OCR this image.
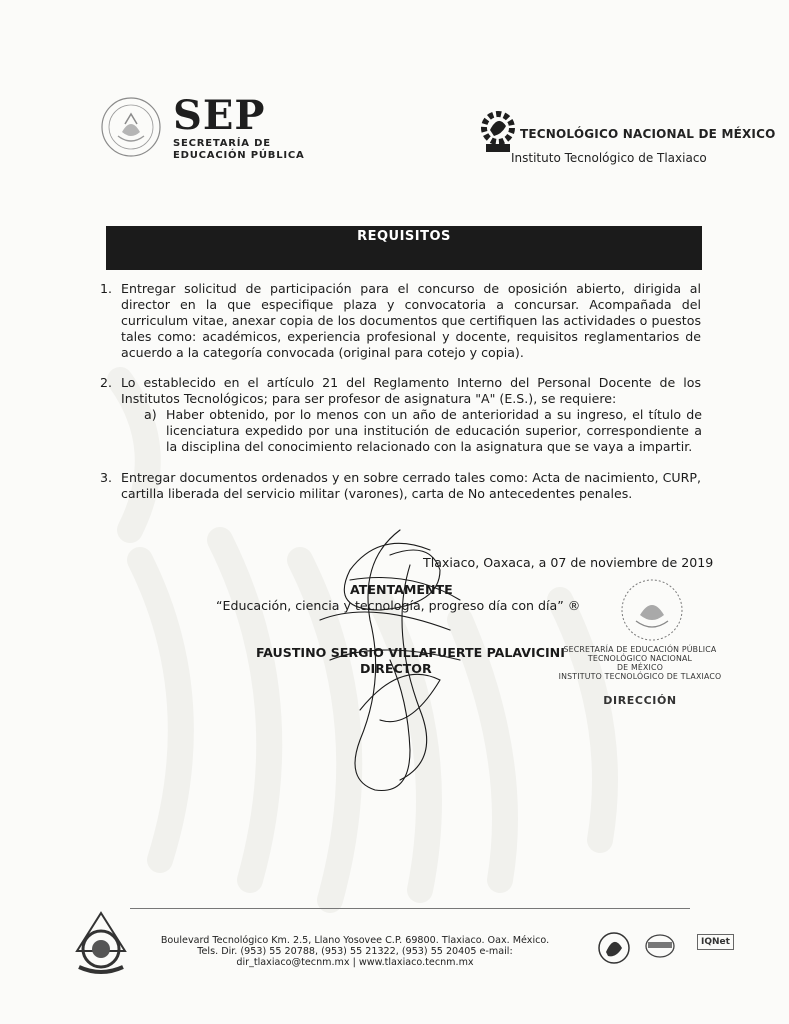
SEP
SECRETARÍA DE
EDUCACIÓN PÚBLICA
TECNOLÓGICO NACIONAL DE MÉXICO
Instituto Tecnológico de Tlaxiaco
REQUISITOS
1. Entregar solicitud de participación para el concurso de oposición abierto, dirigida al director en la que especifique plaza y convocatoria a concursar. Acompañada del curriculum vitae, anexar copia de los documentos que certifiquen las actividades o puestos tales como: académicos, experiencia profesional y docente, requisitos reglamentarios de acuerdo a la categoría convocada (original para cotejo y copia).
2. Lo establecido en el artículo 21 del Reglamento Interno del Personal Docente de los Institutos Tecnológicos; para ser profesor de asignatura "A" (E.S.), se requiere:
a) Haber obtenido, por lo menos con un año de anterioridad a su ingreso, el título de licenciatura expedido por una institución de educación superior, correspondiente a la disciplina del conocimiento relacionado con la asignatura que se vaya a impartir.
3. Entregar documentos ordenados y en sobre cerrado tales como: Acta de nacimiento, CURP, cartilla liberada del servicio militar (varones), carta de No antecedentes penales.
Tlaxiaco, Oaxaca, a 07 de noviembre de 2019
ATENTAMENTE
“Educación, ciencia y tecnología, progreso día con día” ®
FAUSTINO SERGIO VILLAFUERTE PALAVICINI
DIRECTOR
SECRETARÍA DE EDUCACIÓN PÚBLICA
TECNOLÓGICO NACIONAL
DE MÉXICO
INSTITUTO TECNOLÓGICO DE TLAXIACO
DIRECCIÓN
Boulevard Tecnológico Km. 2.5, Llano Yosovee C.P. 69800. Tlaxiaco. Oax. México.
Tels. Dir. (953) 55 20788, (953) 55 21322, (953) 55 20405 e-mail:
dir_tlaxiaco@tecnm.mx | www.tlaxiaco.tecnm.mx
IQNet
